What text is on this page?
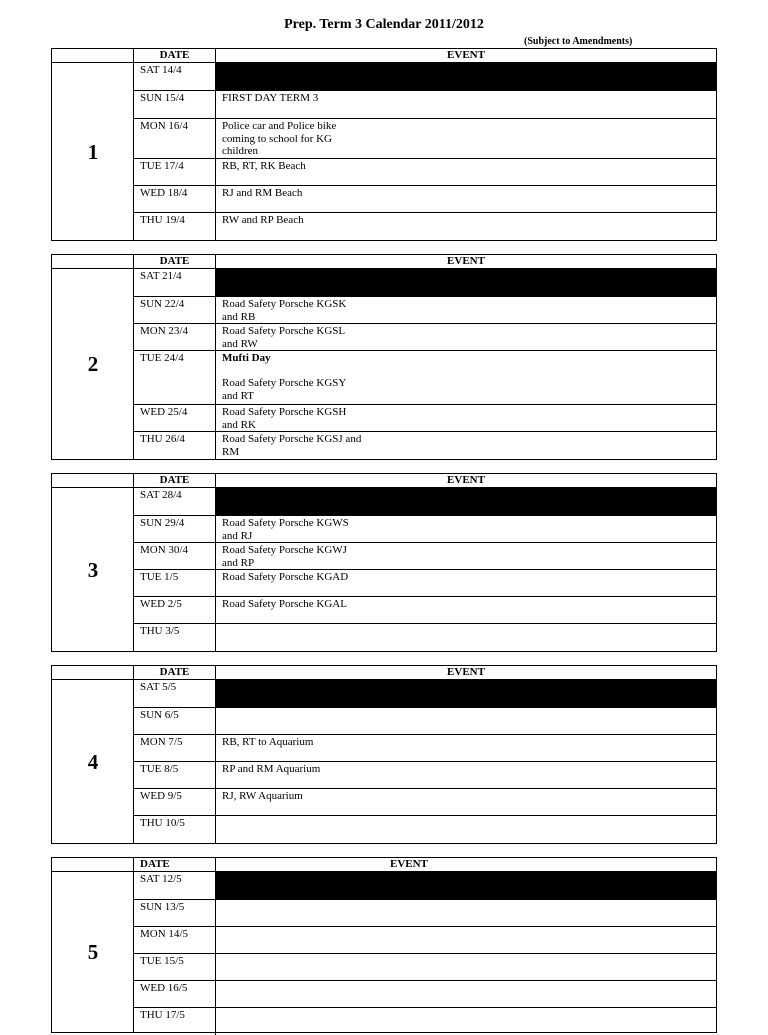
Prep. Term 3 Calendar 2011/2012
(Subject to Amendments)
DATE	EVENT
1
SAT 14/4
SUN 15/4	FIRST DAY TERM 3
MON 16/4	Police car and Police bike
coming to school for KG
children
TUE 17/4	RB, RT, RK Beach
WED 18/4	RJ and RM Beach
THU 19/4	RW and RP Beach
DATE	EVENT
2
SAT 21/4
SUN 22/4	Road Safety Porsche KGSK
and RB
MON 23/4	Road Safety Porsche KGSL
and RW
TUE 24/4	Mufti Day

Road Safety Porsche KGSY
and RT
WED 25/4	Road Safety Porsche KGSH
and RK
THU 26/4	Road Safety Porsche KGSJ and
RM
DATE	EVENT
3
SAT 28/4
SUN 29/4	Road Safety Porsche KGWS
and RJ
MON 30/4	Road Safety Porsche KGWJ
and RP
TUE 1/5	Road Safety Porsche KGAD
WED 2/5	Road Safety Porsche KGAL
THU 3/5
DATE	EVENT
4
SAT 5/5
SUN 6/5
MON 7/5	RB, RT to Aquarium
TUE 8/5	RP and RM Aquarium
WED 9/5	RJ, RW Aquarium
THU 10/5
DATE	EVENT
5
SAT 12/5
SUN 13/5
MON 14/5
TUE 15/5
WED 16/5
THU 17/5
